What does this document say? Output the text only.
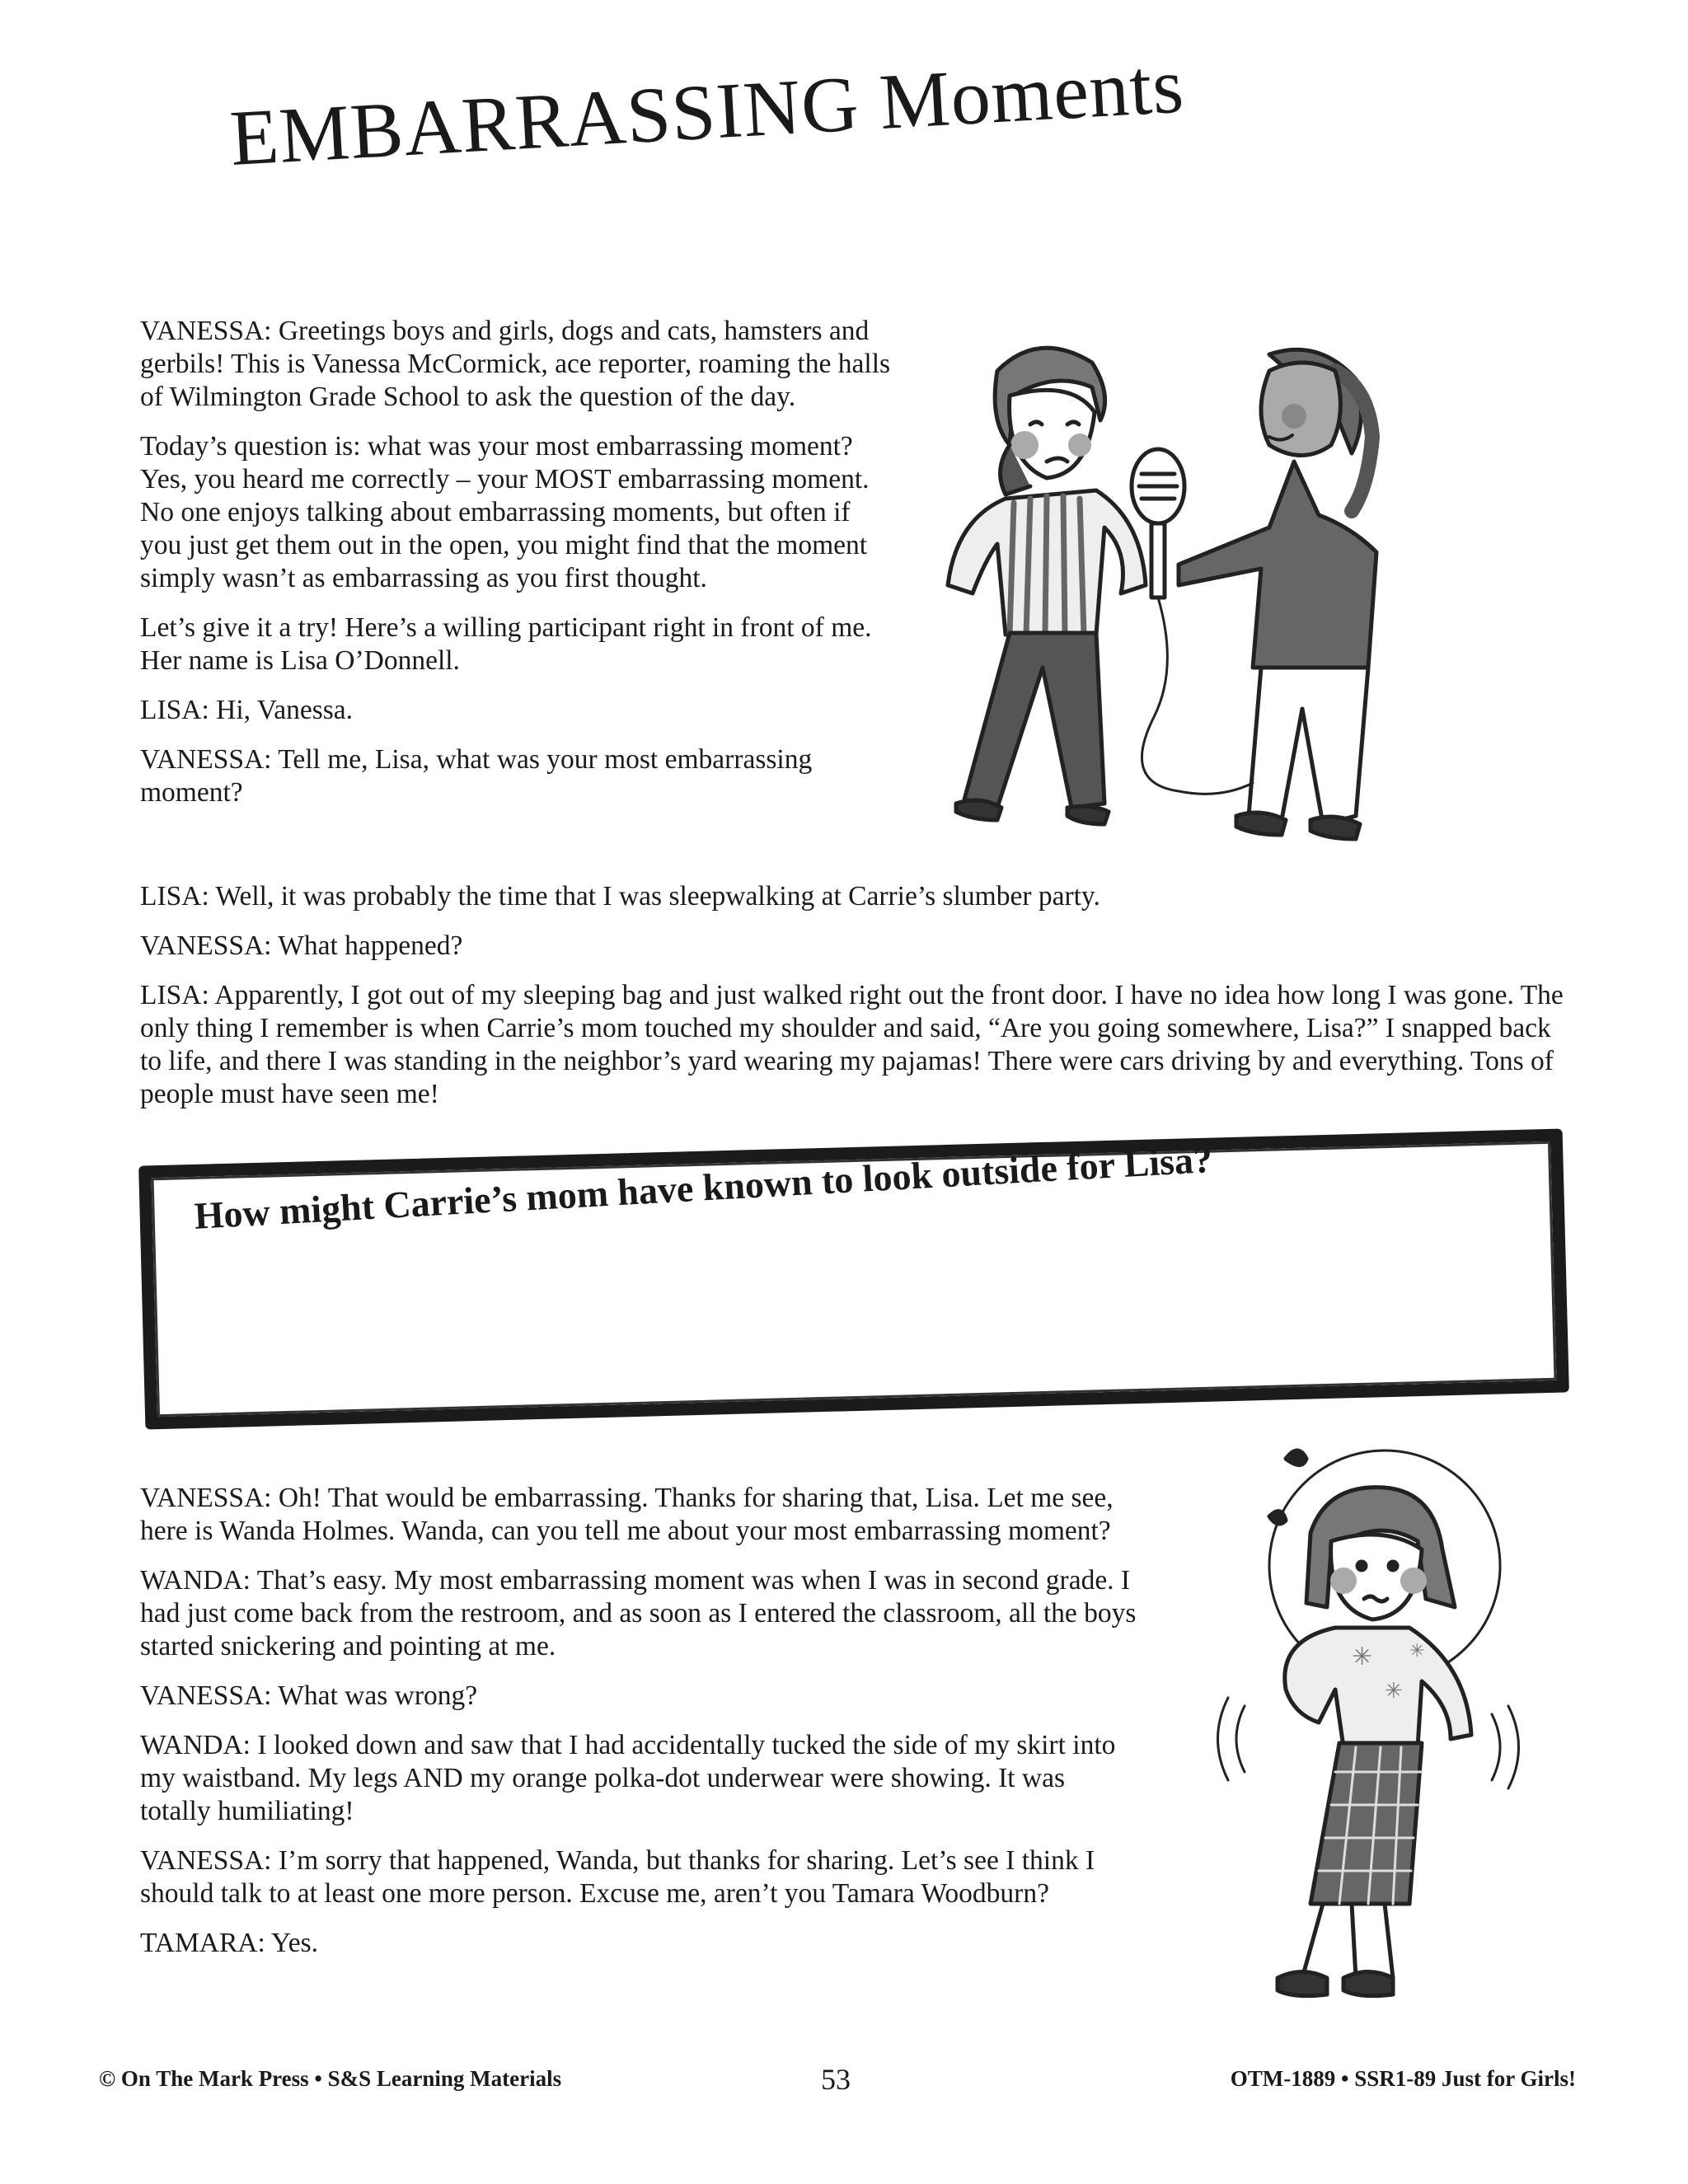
EMBARRASSING Moments

VANESSA: Greetings boys and girls, dogs and cats, hamsters and gerbils! This is Vanessa McCormick, ace reporter, roaming the halls of Wilmington Grade School to ask the question of the day.

Today’s question is: what was your most embarrassing moment? Yes, you heard me correctly – your MOST embarrassing moment. No one enjoys talking about embarrassing moments, but often if you just get them out in the open, you might find that the moment simply wasn’t as embarrassing as you first thought.

Let’s give it a try! Here’s a willing participant right in front of me. Her name is Lisa O’Donnell.

LISA: Hi, Vanessa.

VANESSA: Tell me, Lisa, what was your most embarrassing moment?

LISA: Well, it was probably the time that I was sleepwalking at Carrie’s slumber party.

VANESSA: What happened?

LISA: Apparently, I got out of my sleeping bag and just walked right out the front door. I have no idea how long I was gone. The only thing I remember is when Carrie’s mom touched my shoulder and said, “Are you going somewhere, Lisa?” I snapped back to life, and there I was standing in the neighbor’s yard wearing my pajamas! There were cars driving by and everything. Tons of people must have seen me!

How might Carrie’s mom have known to look outside for Lisa?

VANESSA: Oh! That would be embarrassing. Thanks for sharing that, Lisa. Let me see, here is Wanda Holmes. Wanda, can you tell me about your most embarrassing moment?

WANDA: That’s easy. My most embarrassing moment was when I was in second grade. I had just come back from the restroom, and as soon as I entered the classroom, all the boys started snickering and pointing at me.

VANESSA: What was wrong?

WANDA: I looked down and saw that I had accidentally tucked the side of my skirt into my waistband. My legs AND my orange polka-dot underwear were showing. It was totally humiliating!

VANESSA: I’m sorry that happened, Wanda, but thanks for sharing. Let’s see I think I should talk to at least one more person. Excuse me, aren’t you Tamara Woodburn?

TAMARA: Yes.

✳
✳
✳
© On The Mark Press • S&S Learning Materials	53	OTM-1889 • SSR1-89 Just for Girls!
